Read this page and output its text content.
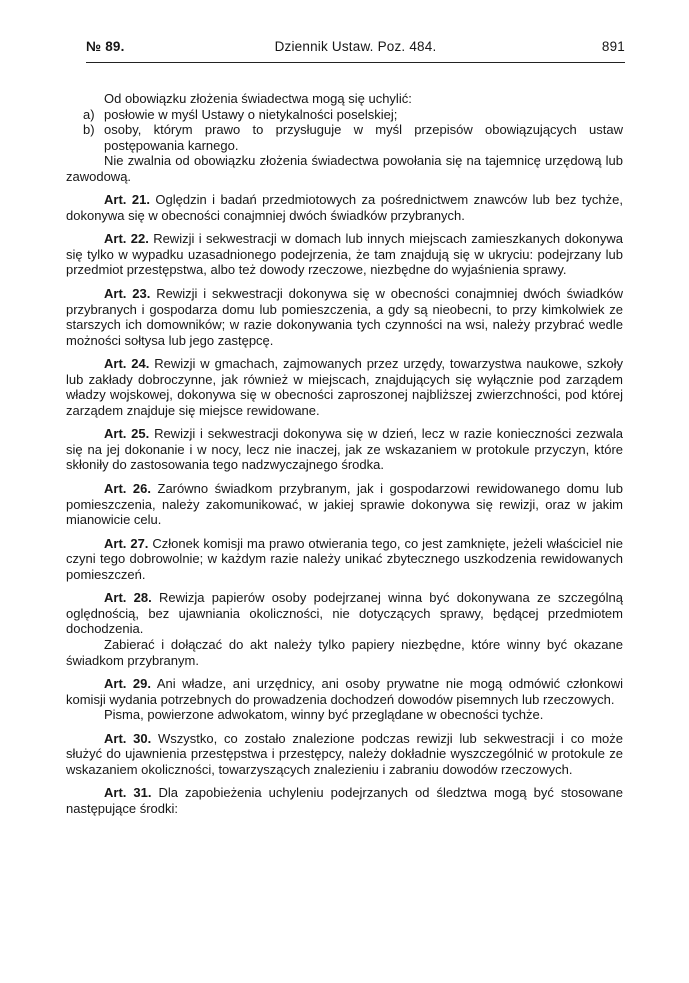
№ 89.	Dziennik Ustaw. Poz. 484.	891

Od obowiązku złożenia świadectwa mogą się uchylić:

a) posłowie w myśl Ustawy o nietykalności poselskiej;

b) osoby, którym prawo to przysługuje w myśl przepisów obowiązujących ustaw postępowania karnego.

Nie zwalnia od obowiązku złożenia świadectwa powołania się na tajemnicę urzędową lub zawodową.

Art. 21. Oględzin i badań przedmiotowych za pośrednictwem znawców lub bez tychże, dokonywa się w obecności conajmniej dwóch świadków przybranych.

Art. 22. Rewizji i sekwestracji w domach lub innych miejscach zamieszkanych dokonywa się tylko w wypadku uzasadnionego podejrzenia, że tam znajdują się w ukryciu: podejrzany lub przedmiot przestępstwa, albo też dowody rzeczowe, niezbędne do wyjaśnienia sprawy.

Art. 23. Rewizji i sekwestracji dokonywa się w obecności conajmniej dwóch świadków przybranych i gospodarza domu lub pomieszczenia, a gdy są nieobecni, to przy kimkolwiek ze starszych ich domowników; w razie dokonywania tych czynności na wsi, należy przybrać wedle możności sołtysa lub jego zastępcę.

Art. 24. Rewizji w gmachach, zajmowanych przez urzędy, towarzystwa naukowe, szkoły lub zakłady dobroczynne, jak również w miejscach, znajdujących się wyłącznie pod zarządem władzy wojskowej, dokonywa się w obecności zaproszonej najbliższej zwierzchności, pod której zarządem znajduje się miejsce rewidowane.

Art. 25. Rewizji i sekwestracji dokonywa się w dzień, lecz w razie konieczności zezwala się na jej dokonanie i w nocy, lecz nie inaczej, jak ze wskazaniem w protokule przyczyn, które skłoniły do zastosowania tego nadzwyczajnego środka.

Art. 26. Zarówno świadkom przybranym, jak i gospodarzowi rewidowanego domu lub pomieszczenia, należy zakomunikować, w jakiej sprawie dokonywa się rewizji, oraz w jakim mianowicie celu.

Art. 27. Członek komisji ma prawo otwierania tego, co jest zamknięte, jeżeli właściciel nie czyni tego dobrowolnie; w każdym razie należy unikać zbytecznego uszkodzenia rewidowanych pomieszczeń.

Art. 28. Rewizja papierów osoby podejrzanej winna być dokonywana ze szczególną oględnością, bez ujawniania okoliczności, nie dotyczących sprawy, będącej przedmiotem dochodzenia.

Zabierać i dołączać do akt należy tylko papiery niezbędne, które winny być okazane świadkom przybranym.

Art. 29. Ani władze, ani urzędnicy, ani osoby prywatne nie mogą odmówić członkowi komisji wydania potrzebnych do prowadzenia dochodzeń dowodów pisemnych lub rzeczowych.

Pisma, powierzone adwokatom, winny być przeglądane w obecności tychże.

Art. 30. Wszystko, co zostało znalezione podczas rewizji lub sekwestracji i co może służyć do ujawnienia przestępstwa i przestępcy, należy dokładnie wyszczególnić w protokule ze wskazaniem okoliczności, towarzyszących znalezieniu i zabraniu dowodów rzeczowych.

Art. 31. Dla zapobieżenia uchyleniu podejrzanych od śledztwa mogą być stosowane następujące środki:
